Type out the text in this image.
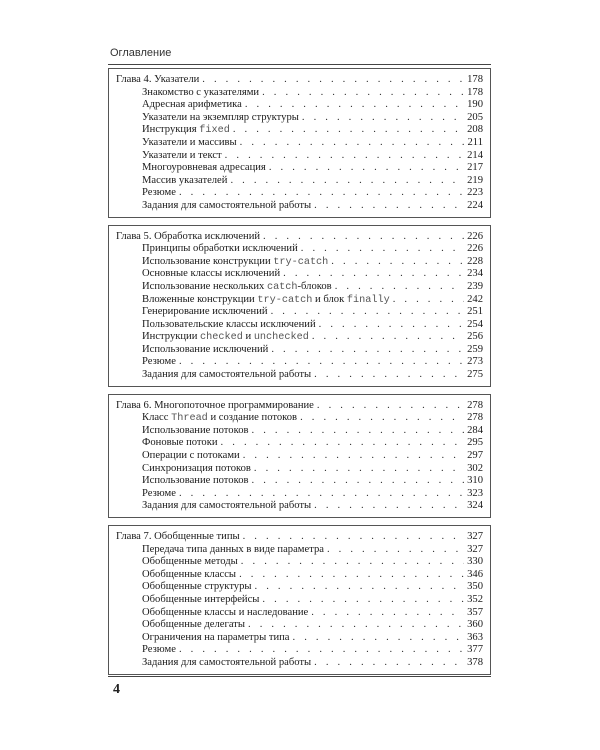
Оглавление
Глава 4. Указатели . . .	178
Знакомство с указателями . . .	178
Адресная арифметика . . .	190
Указатели на экземпляр структуры . . .	205
Инструкция fixed . . .	208
Указатели и массивы . . .	211
Указатели и текст . . .	214
Многоуровневая адресация . . .	217
Массив указателей . . .	219
Резюме . . .	223
Задания для самостоятельной работы . . .	224
Глава 5. Обработка исключений . . .	226
Принципы обработки исключений . . .	226
Использование конструкции try-catch . . .	228
Основные классы исключений . . .	234
Использование нескольких catch-блоков . . .	239
Вложенные конструкции try-catch и блок finally . . .	242
Генерирование исключений . . .	251
Пользовательские классы исключений . . .	254
Инструкции checked и unchecked . . .	256
Использование исключений . . .	259
Резюме . . .	273
Задания для самостоятельной работы . . .	275
Глава 6. Многопоточное программирование . . .	278
Класс Thread и создание потоков . . .	278
Использование потоков . . .	284
Фоновые потоки . . .	295
Операции с потоками . . .	297
Синхронизация потоков . . .	302
Использование потоков . . .	310
Резюме . . .	323
Задания для самостоятельной работы . . .	324
Глава 7. Обобщенные типы . . .	327
Передача типа данных в виде параметра . . .	327
Обобщенные методы . . .	330
Обобщенные классы . . .	346
Обобщенные структуры . . .	350
Обобщенные интерфейсы . . .	352
Обобщенные классы и наследование . . .	357
Обобщенные делегаты . . .	360
Ограничения на параметры типа . . .	363
Резюме . . .	377
Задания для самостоятельной работы . . .	378
4
